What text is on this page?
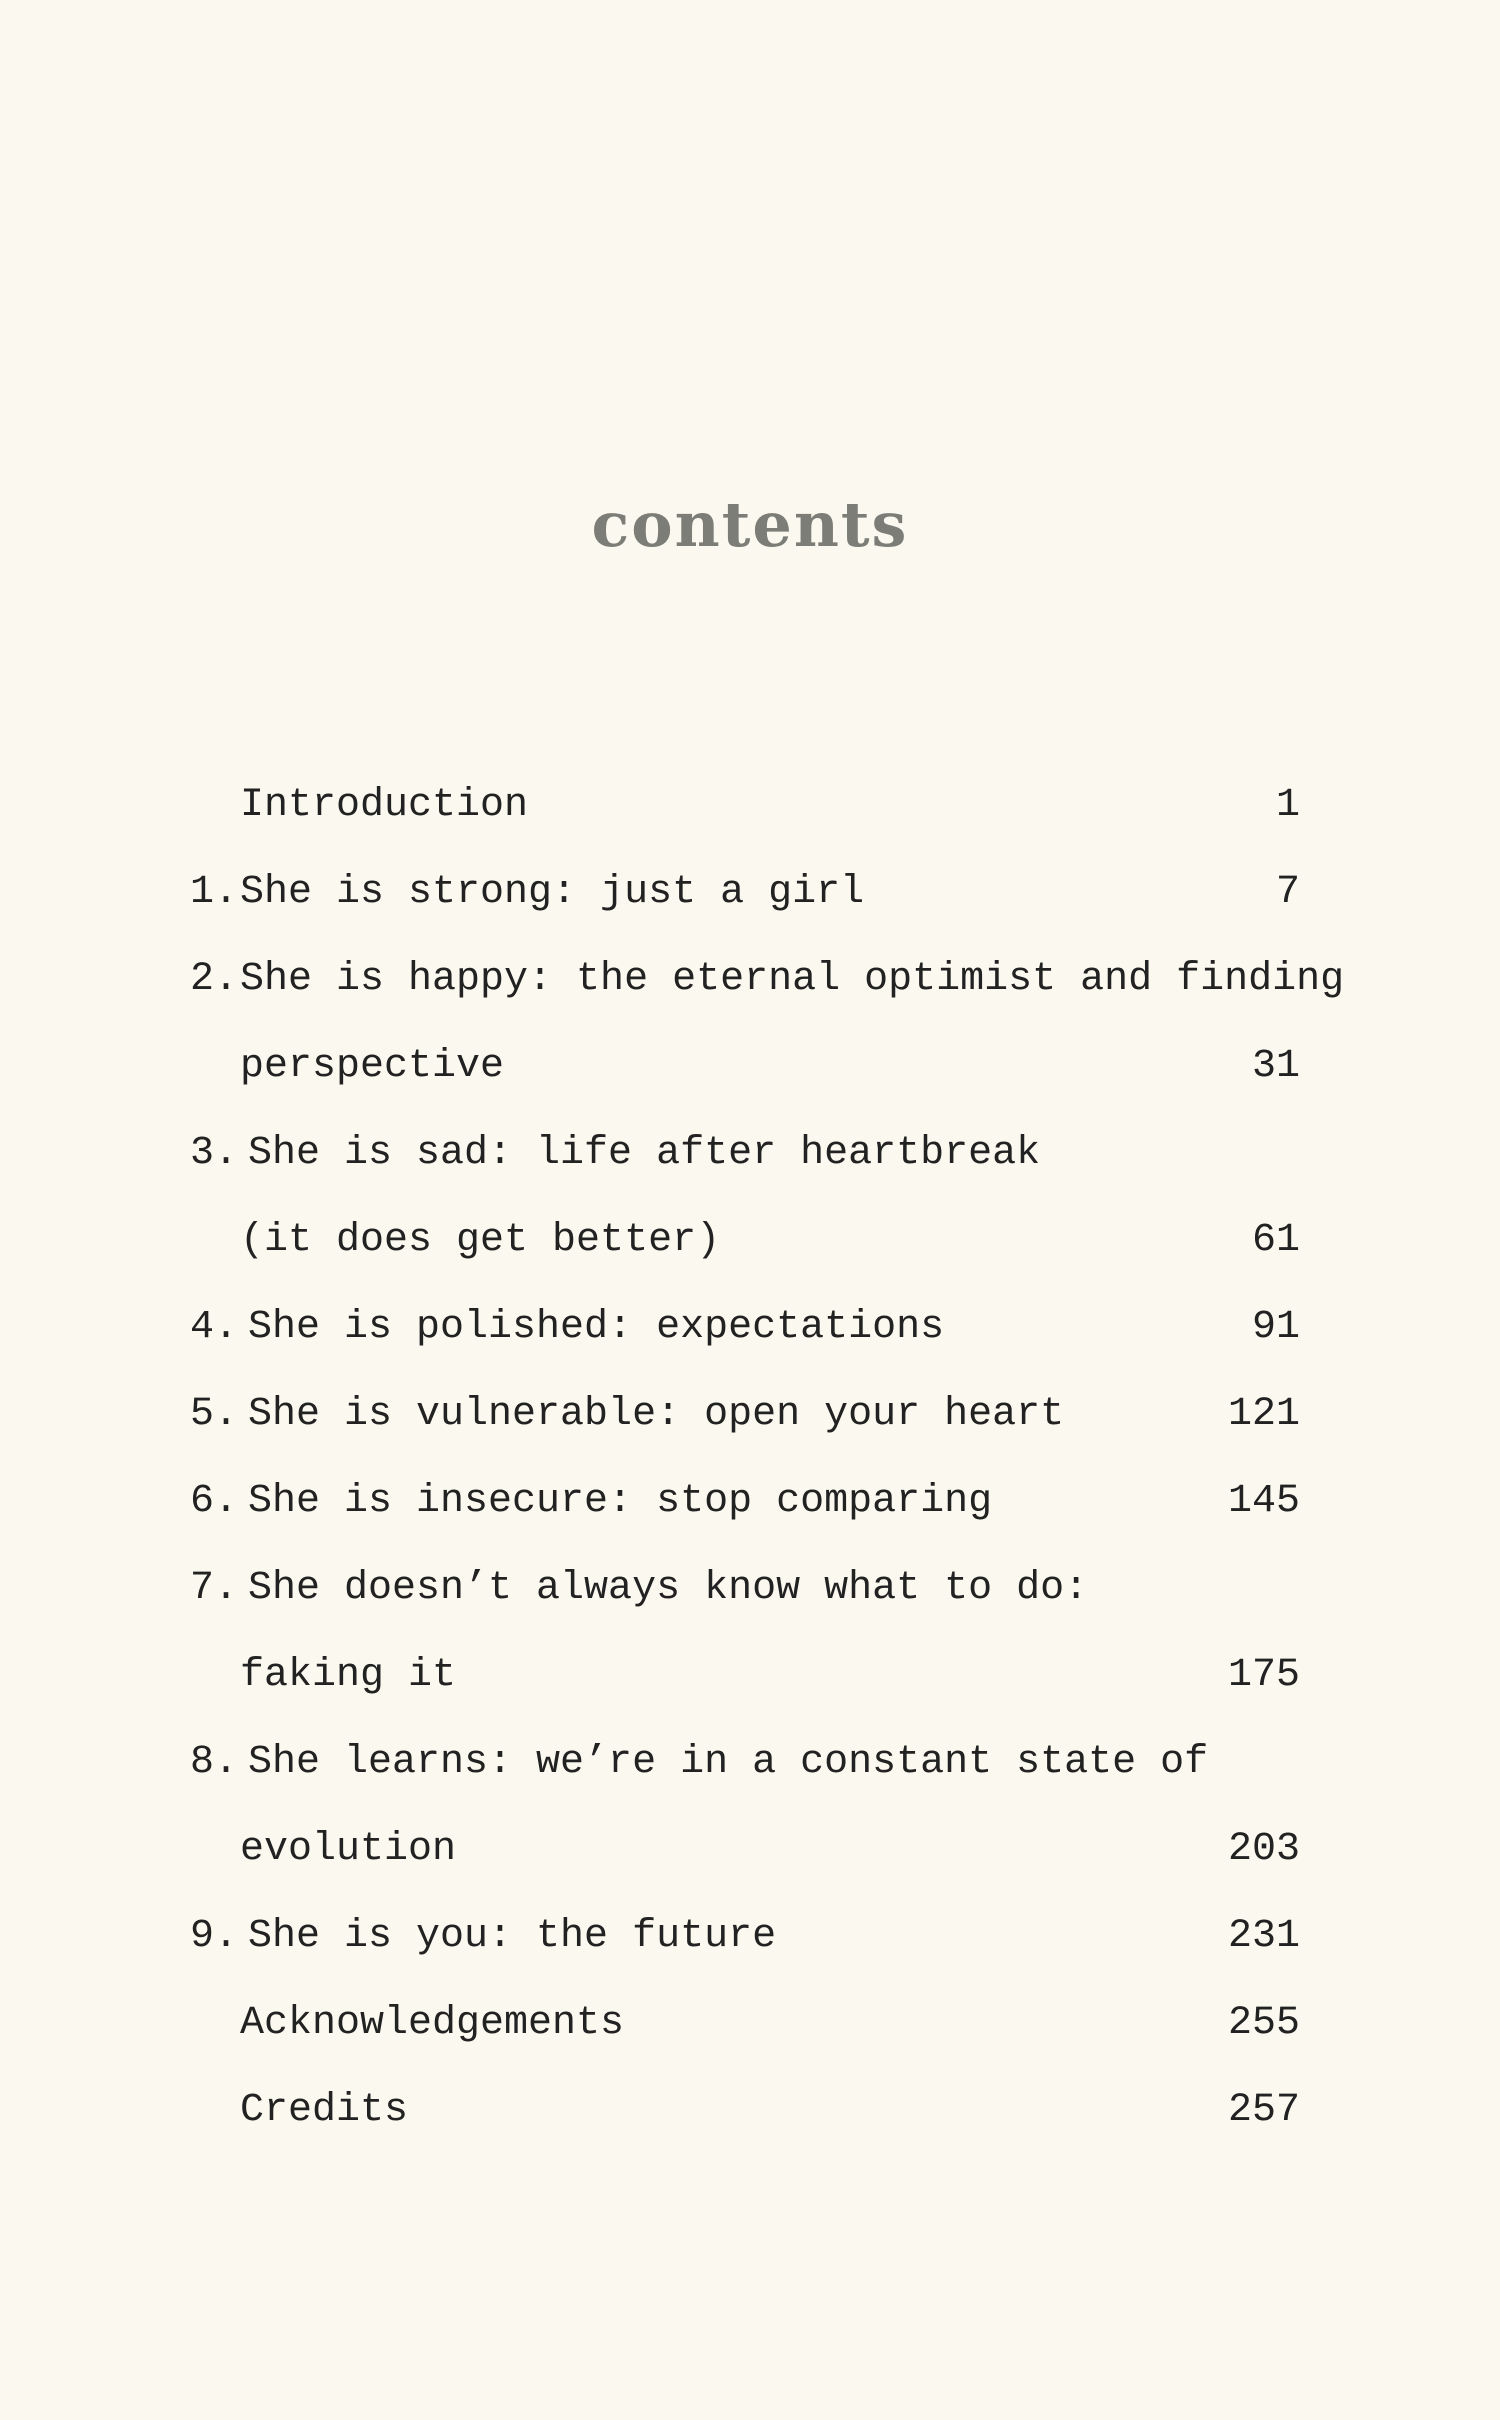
contents
Introduction	1
1. She is strong: just a girl	7
2. She is happy: the eternal optimist and finding
perspective	31
3. She is sad: life after heartbreak
(it does get better)	61
4. She is polished: expectations	91
5. She is vulnerable: open your heart	121
6. She is insecure: stop comparing	145
7. She doesn’t always know what to do:
faking it	175
8. She learns: we’re in a constant state of
evolution	203
9. She is you: the future	231
Acknowledgements	255
Credits	257
